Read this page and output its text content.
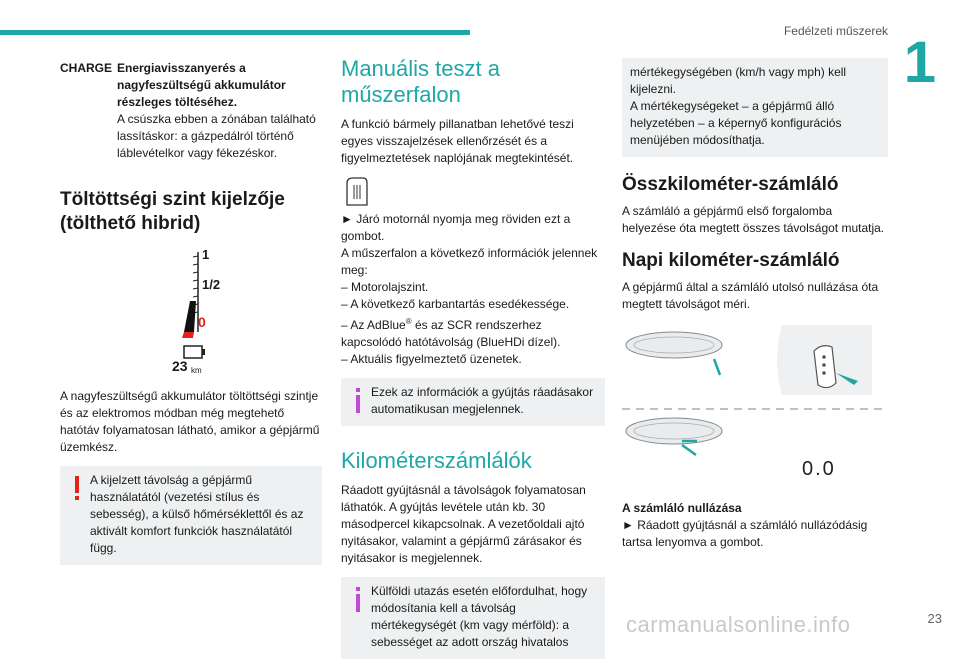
Fedélzeti műszerek 1
CHARGE Energiavisszanyerés a nagyfeszültségű akkumulátor részleges töltéséhez.
A csúszka ebben a zónában található lassításkor: a gázpedálról történő láblevételkor vagy fékezéskor.
Töltöttségi szint kijelzője (tölthető hibrid)
1
1/2
0
23 km

A nagyfeszültségű akkumulátor töltöttségi szintje és az elektromos módban még megtehető hatótáv folyamatosan látható, amikor a gépjármű üzemkész.

A kijelzett távolság a gépjármű használatától (vezetési stílus és sebesség), a külső hőmérséklettől és az aktivált komfort funkciók használatától függ.
Manuális teszt a műszerfalon

A funkció bármely pillanatban lehetővé teszi egyes visszajelzések ellenőrzését és a figyelmeztetések naplójának megtekintését.

► Járó motornál nyomja meg röviden ezt a gombot.

A műszerfalon a következő információk jelennek meg:
– Motorolajszint.
– A következő karbantartás esedékessége.
– Az AdBlue® és az SCR rendszerhez kapcsolódó hatótávolság (BlueHDi dízel).
– Aktuális figyelmeztető üzenetek.
Ezek az információk a gyújtás ráadásakor automatikusan megjelennek.
Kilométerszámlálók

Ráadott gyújtásnál a távolságok folyamatosan láthatók. A gyújtás levétele után kb. 30 másodpercel kikapcsolnak. A vezetőoldali ajtó nyitásakor, valamint a gépjármű zárásakor és nyitásakor is megjelennek.

Külföldi utazás esetén előfordulhat, hogy módosítania kell a távolság mértékegységét (km vagy mérföld): a sebességet az adott ország hivatalos
mértékegységében (km/h vagy mph) kell kijelezni.
A mértékegységeket – a gépjármű álló helyzetében – a képernyő konfigurációs menüjében módosíthatja.
Összkilométer-számláló

A számláló a gépjármű első forgalomba helyezése óta megtett összes távolságot mutatja.

Napi kilométer-számláló

A gépjármű által a számláló utolsó nullázása óta megtett távolságot méri.

0.0
A számláló nullázása
► Ráadott gyújtásnál a számláló nullázódásig tartsa lenyomva a gombot.
carmanualsonline.info	23
